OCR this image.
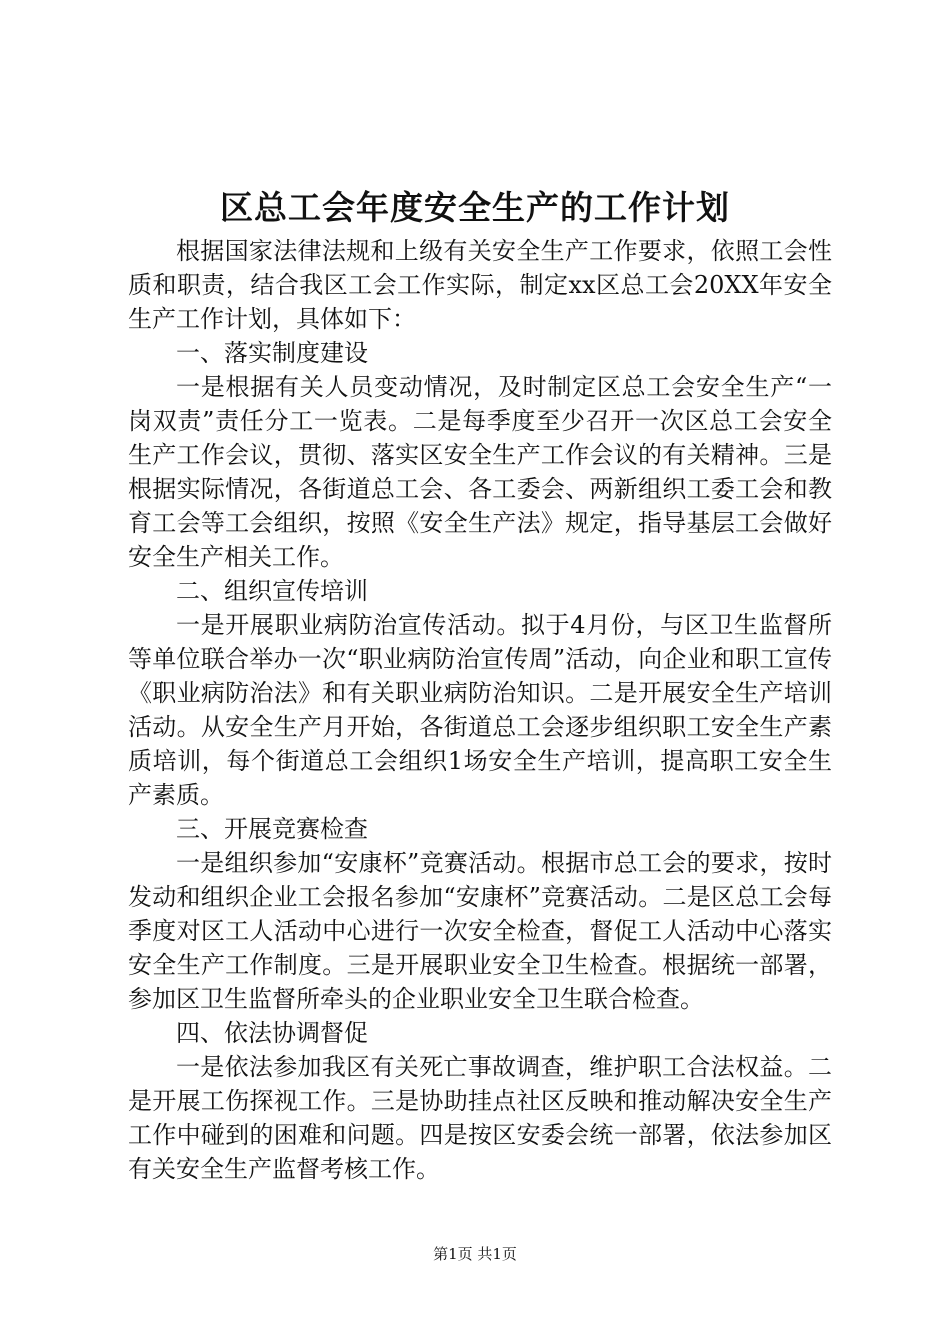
区总工会年度安全生产的工作计划

根据国家法律法规和上级有关安全生产工作要求，依照工会性质和职责，结合我区工会工作实际，制定xx区总工会20XX年安全生产工作计划，具体如下：

一、落实制度建设

一是根据有关人员变动情况，及时制定区总工会安全生产“一岗双责”责任分工一览表。二是每季度至少召开一次区总工会安全生产工作会议，贯彻、落实区安全生产工作会议的有关精神。三是根据实际情况，各街道总工会、各工委会、两新组织工委工会和教育工会等工会组织，按照《安全生产法》规定，指导基层工会做好安全生产相关工作。

二、组织宣传培训

一是开展职业病防治宣传活动。拟于4月份，与区卫生监督所等单位联合举办一次“职业病防治宣传周”活动，向企业和职工宣传《职业病防治法》和有关职业病防治知识。二是开展安全生产培训活动。从安全生产月开始，各街道总工会逐步组织职工安全生产素质培训，每个街道总工会组织1场安全生产培训，提高职工安全生产素质。

三、开展竞赛检查

一是组织参加“安康杯”竞赛活动。根据市总工会的要求，按时发动和组织企业工会报名参加“安康杯”竞赛活动。二是区总工会每季度对区工人活动中心进行一次安全检查，督促工人活动中心落实安全生产工作制度。三是开展职业安全卫生检查。根据统一部署，参加区卫生监督所牵头的企业职业安全卫生联合检查。

四、依法协调督促

一是依法参加我区有关死亡事故调查，维护职工合法权益。二是开展工伤探视工作。三是协助挂点社区反映和推动解决安全生产工作中碰到的困难和问题。四是按区安委会统一部署，依法参加区有关安全生产监督考核工作。

第1页 共1页
